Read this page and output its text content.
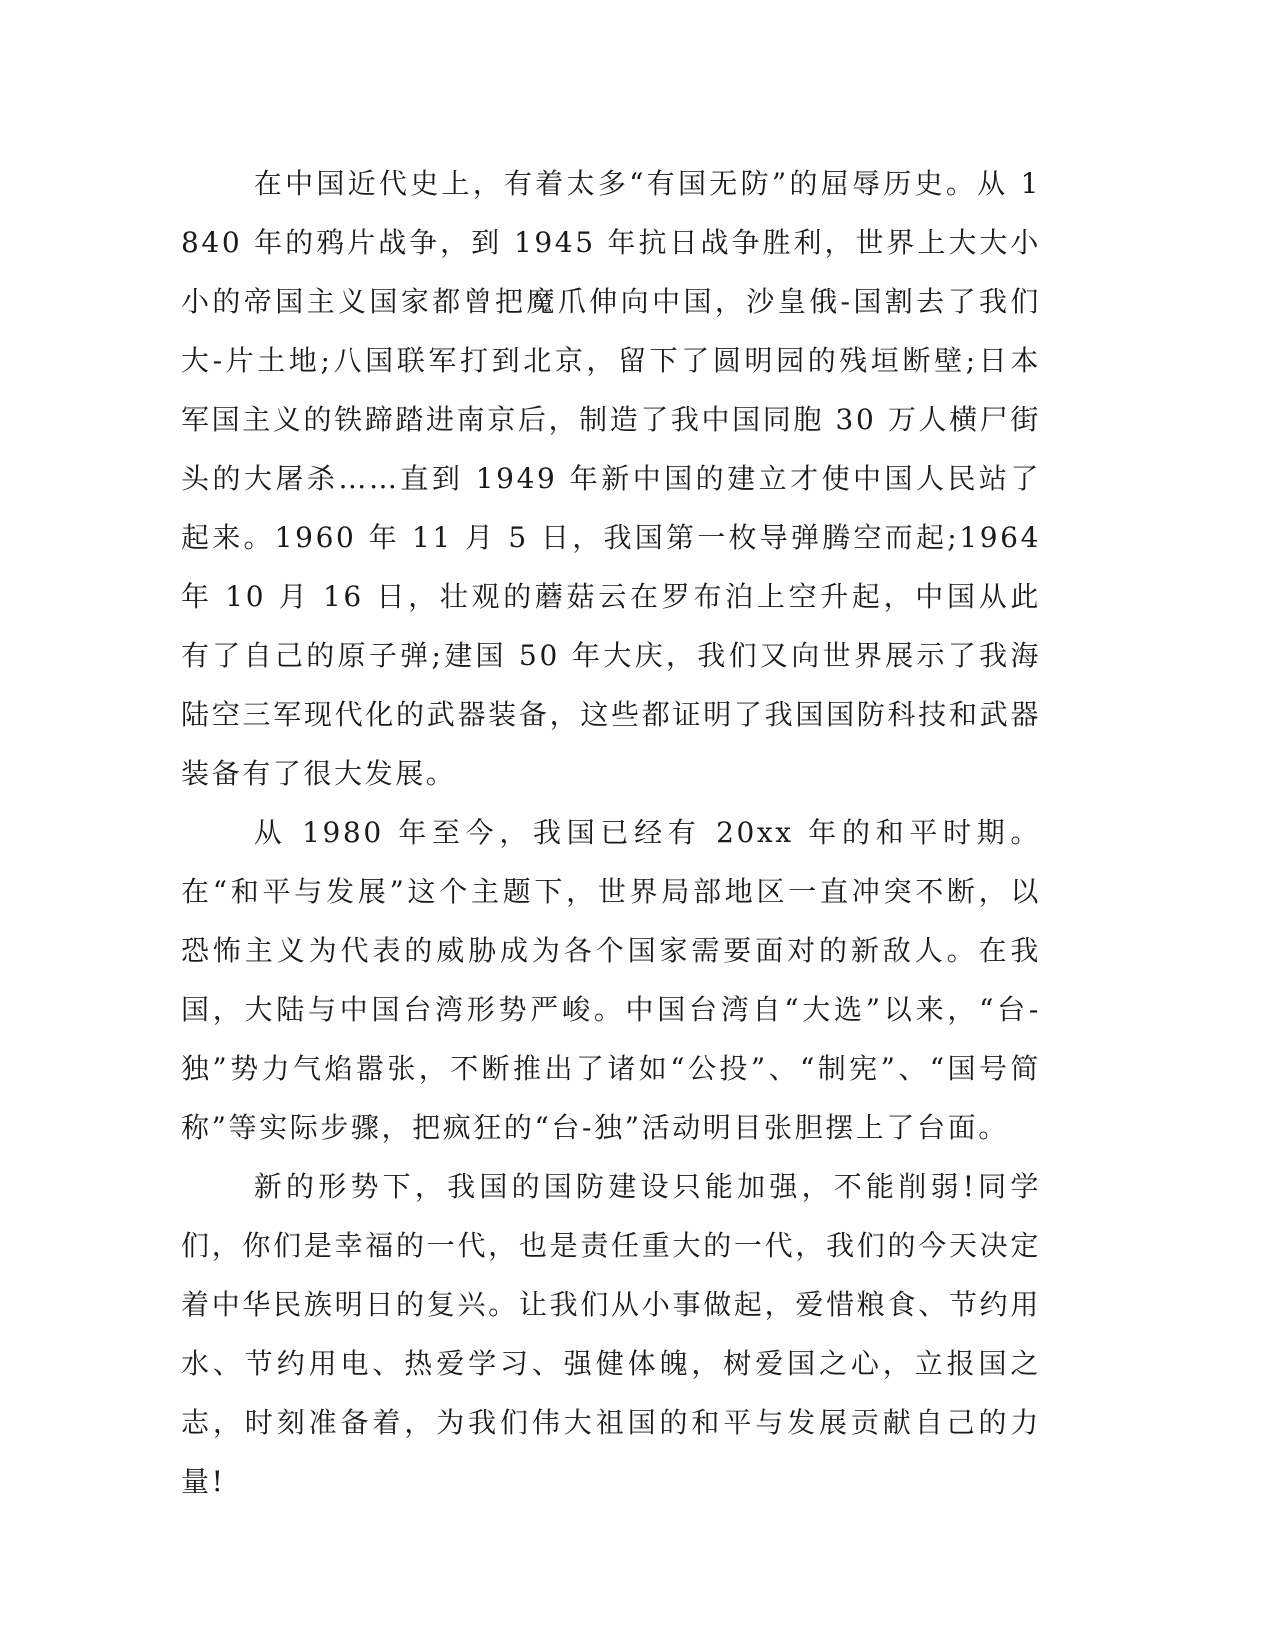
在中国近代史上，有着太多“有国无防”的屈辱历史。从 1840 年的鸦片战争，到 1945 年抗日战争胜利，世界上大大小小的帝国主义国家都曾把魔爪伸向中国，沙皇俄-国割去了我们大-片土地;八国联军打到北京，留下了圆明园的残垣断壁;日本军国主义的铁蹄踏进南京后，制造了我中国同胞 30 万人横尸街头的大屠杀……直到 1949 年新中国的建立才使中国人民站了起来。1960 年 11 月 5 日，我国第一枚导弹腾空而起;1964 年 10 月 16 日，壮观的蘑菇云在罗布泊上空升起，中国从此有了自己的原子弹;建国 50 年大庆，我们又向世界展示了我海陆空三军现代化的武器装备，这些都证明了我国国防科技和武器装备有了很大发展。

从 1980 年至今，我国已经有 20xx 年的和平时期。在“和平与发展”这个主题下，世界局部地区一直冲突不断，以恐怖主义为代表的威胁成为各个国家需要面对的新敌人。在我国，大陆与中国台湾形势严峻。中国台湾自“大选”以来，“台-独”势力气焰嚣张，不断推出了诸如“公投”、“制宪”、“国号简称”等实际步骤，把疯狂的“台-独”活动明目张胆摆上了台面。

新的形势下，我国的国防建设只能加强，不能削弱!同学们，你们是幸福的一代，也是责任重大的一代，我们的今天决定着中华民族明日的复兴。让我们从小事做起，爱惜粮食、节约用水、节约用电、热爱学习、强健体魄，树爱国之心，立报国之志，时刻准备着，为我们伟大祖国的和平与发展贡献自己的力量!
